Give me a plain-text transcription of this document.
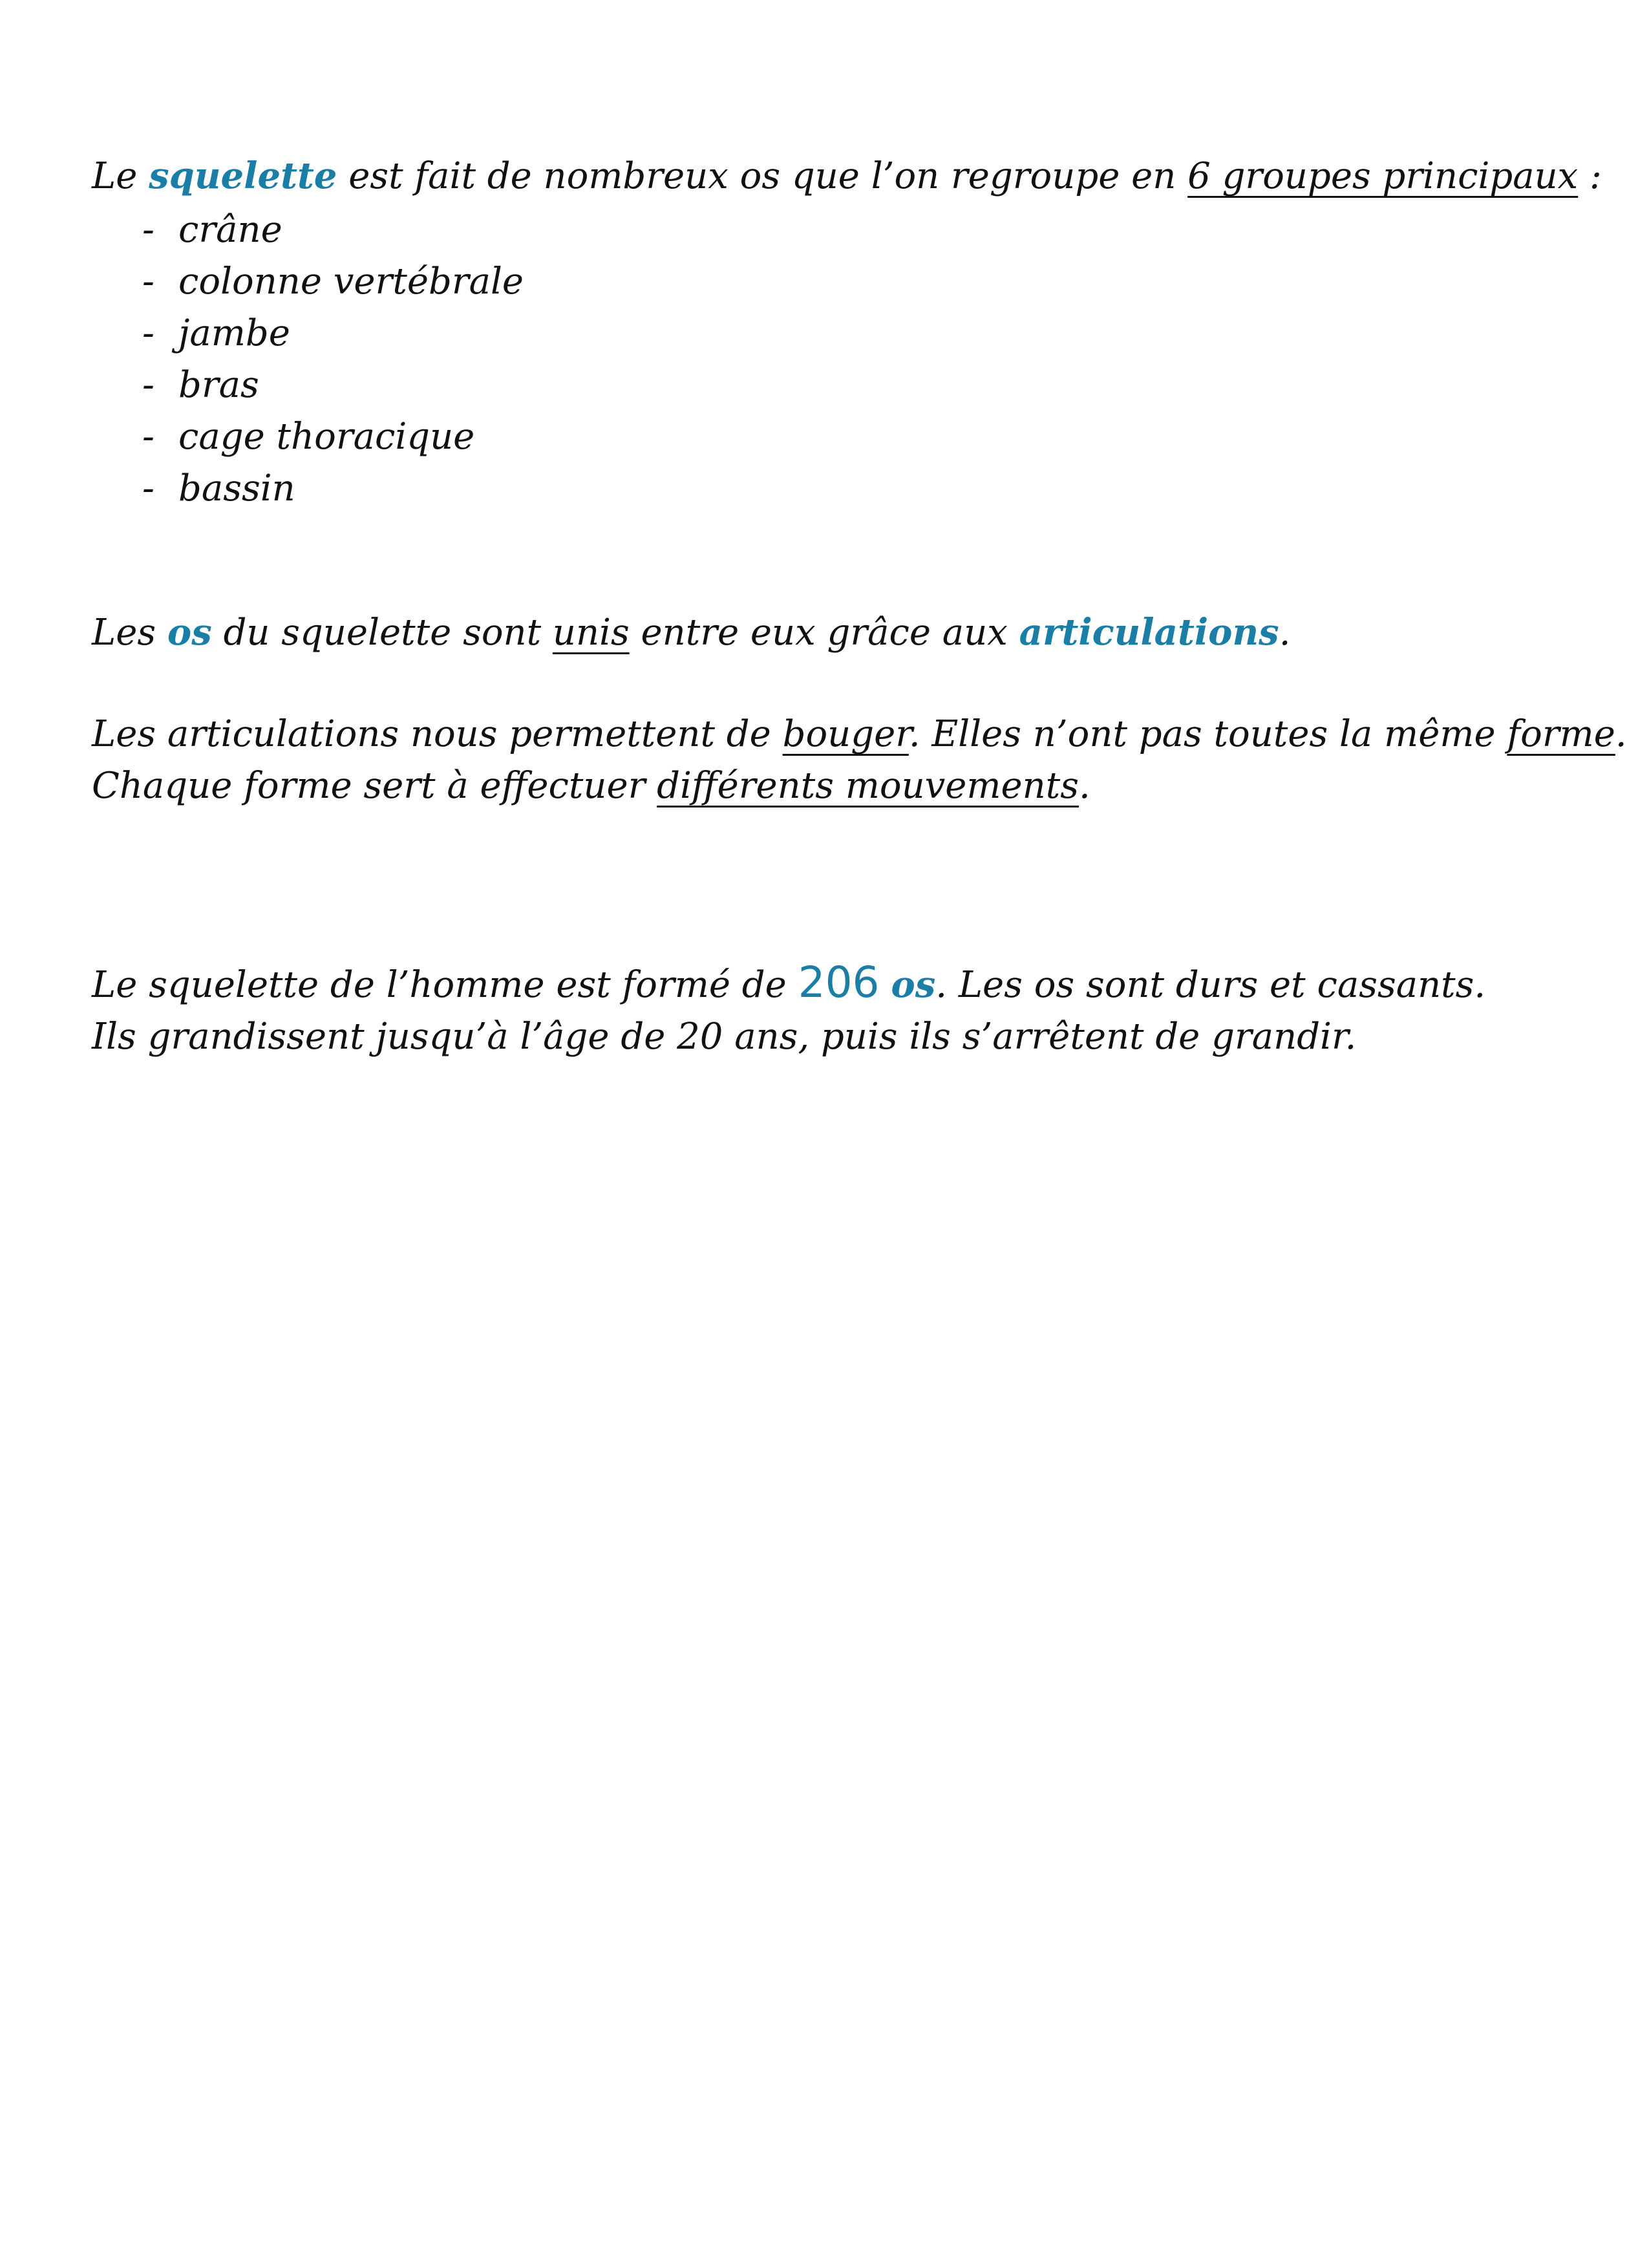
Le squelette est fait de nombreux os que l’on regroupe en 6 groupes principaux :
- crâne
- colonne vertébrale
- jambe
- bras
- cage thoracique
- bassin
Les os du squelette sont unis entre eux grâce aux articulations.
Les articulations nous permettent de bouger. Elles n’ont pas toutes la même forme.
Chaque forme sert à effectuer différents mouvements.
Le squelette de l’homme est formé de 206 os. Les os sont durs et cassants.
Ils grandissent jusqu’à l’âge de 20 ans, puis ils s’arrêtent de grandir.
